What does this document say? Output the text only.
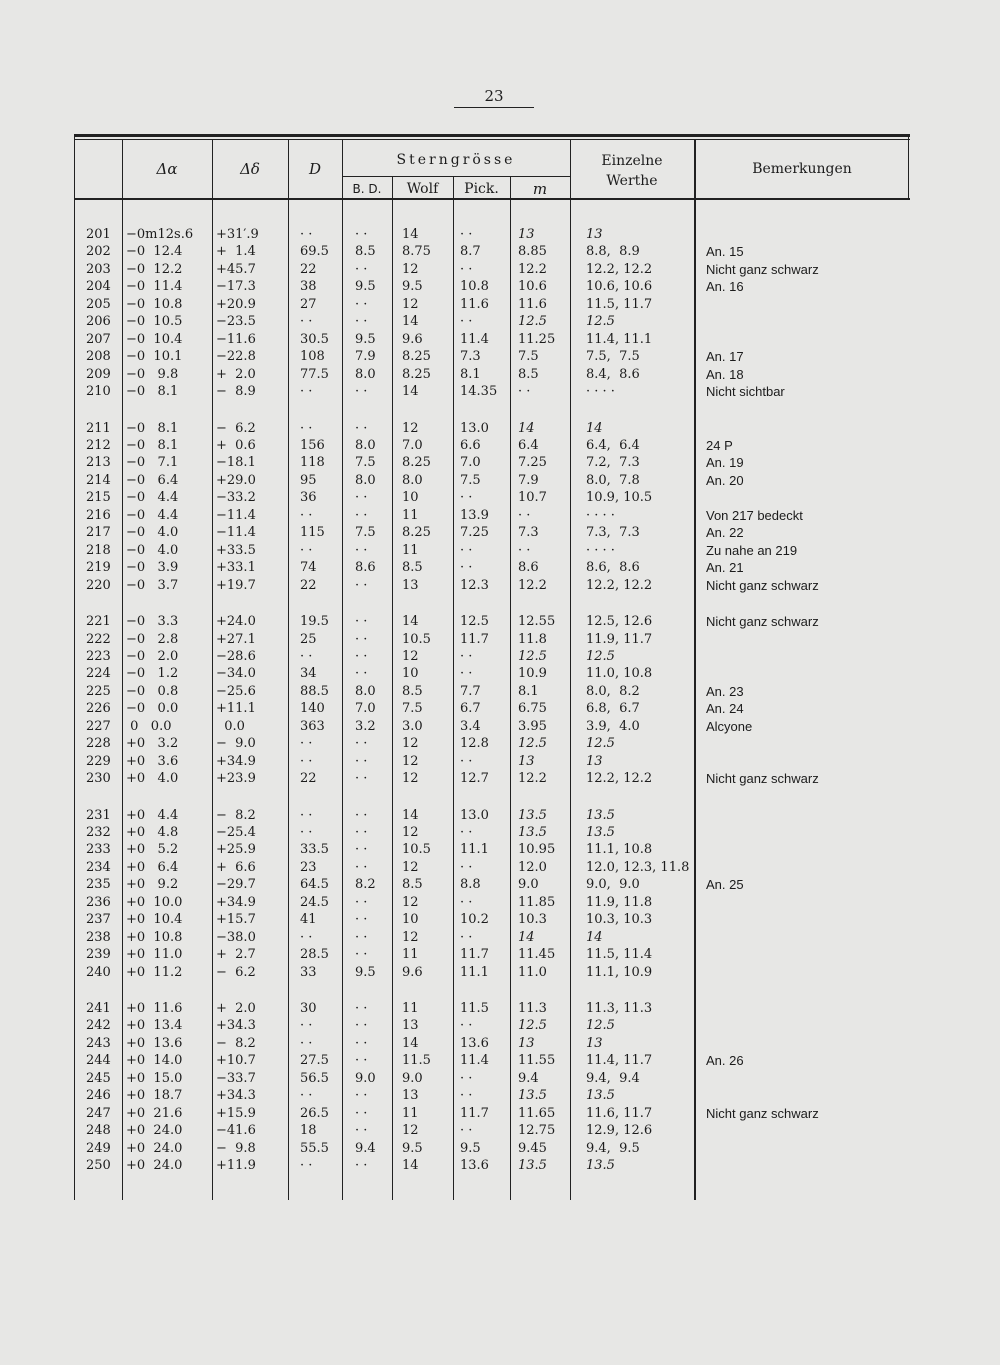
23
Δα	Δδ	D	Sterngrösse
B. D.	Wolf	Pick.	m
Einzelne
Werthe
Bemerkungen
201	−0m12s.6	+31′.9	· ·	· ·	14	· ·	13	13
202	−0  12.4	+  1.4	69.5	8.5	8.75	8.7	8.85	8.8,  8.9	An. 15
203	−0  12.2	+45.7	22	· ·	12	· ·	12.2	12.2, 12.2	Nicht ganz schwarz
204	−0  11.4	−17.3	38	9.5	9.5	10.8	10.6	10.6, 10.6	An. 16
205	−0  10.8	+20.9	27	· ·	12	11.6	11.6	11.5, 11.7
206	−0  10.5	−23.5	· ·	· ·	14	· ·	12.5	12.5
207	−0  10.4	−11.6	30.5	9.5	9.6	11.4	11.25	11.4, 11.1
208	−0  10.1	−22.8	108	7.9	8.25	7.3	7.5	7.5,  7.5	An. 17
209	−0   9.8	+  2.0	77.5	8.0	8.25	8.1	8.5	8.4,  8.6	An. 18
210	−0   8.1	−  8.9	· ·	· ·	14	14.35	· ·	· · · ·	Nicht sichtbar
211	−0   8.1	−  6.2	· ·	· ·	12	13.0	14	14
212	−0   8.1	+  0.6	156	8.0	7.0	6.6	6.4	6.4,  6.4	24 P
213	−0   7.1	−18.1	118	7.5	8.25	7.0	7.25	7.2,  7.3	An. 19
214	−0   6.4	+29.0	95	8.0	8.0	7.5	7.9	8.0,  7.8	An. 20
215	−0   4.4	−33.2	36	· ·	10	· ·	10.7	10.9, 10.5
216	−0   4.4	−11.4	· ·	· ·	11	13.9	· ·	· · · ·	Von 217 bedeckt
217	−0   4.0	−11.4	115	7.5	8.25	7.25	7.3	7.3,  7.3	An. 22
218	−0   4.0	+33.5	· ·	· ·	11	· ·	· ·	· · · ·	Zu nahe an 219
219	−0   3.9	+33.1	74	8.6	8.5	· ·	8.6	8.6,  8.6	An. 21
220	−0   3.7	+19.7	22	· ·	13	12.3	12.2	12.2, 12.2	Nicht ganz schwarz
221	−0   3.3	+24.0	19.5	· ·	14	12.5	12.55	12.5, 12.6	Nicht ganz schwarz
222	−0   2.8	+27.1	25	· ·	10.5	11.7	11.8	11.9, 11.7
223	−0   2.0	−28.6	· ·	· ·	12	· ·	12.5	12.5
224	−0   1.2	−34.0	34	· ·	10	· ·	10.9	11.0, 10.8
225	−0   0.8	−25.6	88.5	8.0	8.5	7.7	8.1	8.0,  8.2	An. 23
226	−0   0.0	+11.1	140	7.0	7.5	6.7	6.75	6.8,  6.7	An. 24
227	0   0.0	0.0	363	3.2	3.0	3.4	3.95	3.9,  4.0	Alcyone
228	+0   3.2	−  9.0	· ·	· ·	12	12.8	12.5	12.5
229	+0   3.6	+34.9	· ·	· ·	12	· ·	13	13
230	+0   4.0	+23.9	22	· ·	12	12.7	12.2	12.2, 12.2	Nicht ganz schwarz
231	+0   4.4	−  8.2	· ·	· ·	14	13.0	13.5	13.5
232	+0   4.8	−25.4	· ·	· ·	12	· ·	13.5	13.5
233	+0   5.2	+25.9	33.5	· ·	10.5	11.1	10.95	11.1, 10.8
234	+0   6.4	+  6.6	23	· ·	12	· ·	12.0	12.0, 12.3, 11.8
235	+0   9.2	−29.7	64.5	8.2	8.5	8.8	9.0	9.0,  9.0	An. 25
236	+0  10.0	+34.9	24.5	· ·	12	· ·	11.85	11.9, 11.8
237	+0  10.4	+15.7	41	· ·	10	10.2	10.3	10.3, 10.3
238	+0  10.8	−38.0	· ·	· ·	12	· ·	14	14
239	+0  11.0	+  2.7	28.5	· ·	11	11.7	11.45	11.5, 11.4
240	+0  11.2	−  6.2	33	9.5	9.6	11.1	11.0	11.1, 10.9
241	+0  11.6	+  2.0	30	· ·	11	11.5	11.3	11.3, 11.3
242	+0  13.4	+34.3	· ·	· ·	13	· ·	12.5	12.5
243	+0  13.6	−  8.2	· ·	· ·	14	13.6	13	13
244	+0  14.0	+10.7	27.5	· ·	11.5	11.4	11.55	11.4, 11.7	An. 26
245	+0  15.0	−33.7	56.5	9.0	9.0	· ·	9.4	9.4,  9.4
246	+0  18.7	+34.3	· ·	· ·	13	· ·	13.5	13.5
247	+0  21.6	+15.9	26.5	· ·	11	11.7	11.65	11.6, 11.7	Nicht ganz schwarz
248	+0  24.0	−41.6	18	· ·	12	· ·	12.75	12.9, 12.6
249	+0  24.0	−  9.8	55.5	9.4	9.5	9.5	9.45	9.4,  9.5
250	+0  24.0	+11.9	· ·	· ·	14	13.6	13.5	13.5
